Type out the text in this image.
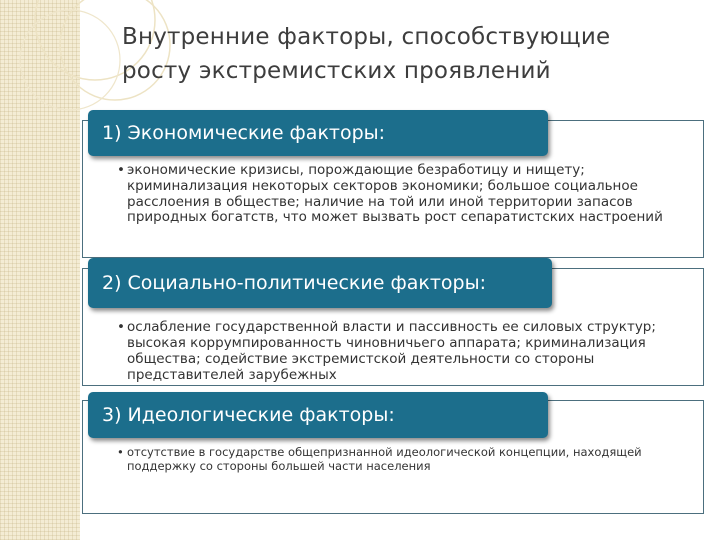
Внутренние факторы, способствующие
росту экстремистских проявлений
• экономические кризисы, порождающие безработицу и нищету; криминализация некоторых секторов экономики; большое социальное расслоения в обществе; наличие на той или иной территории запасов природных богатств, что может вызвать рост сепаратистских настроений
1) Экономические факторы:
• ослабление государственной власти и пассивность ее силовых структур; высокая коррумпированность чиновничьего аппарата; криминализация общества; содействие экстремистской деятельности со стороны представителей зарубежных
2) Социально-политические факторы:
• отсутствие в государстве общепризнанной идеологической концепции, находящей поддержку со стороны большей части населения
3) Идеологические факторы:
